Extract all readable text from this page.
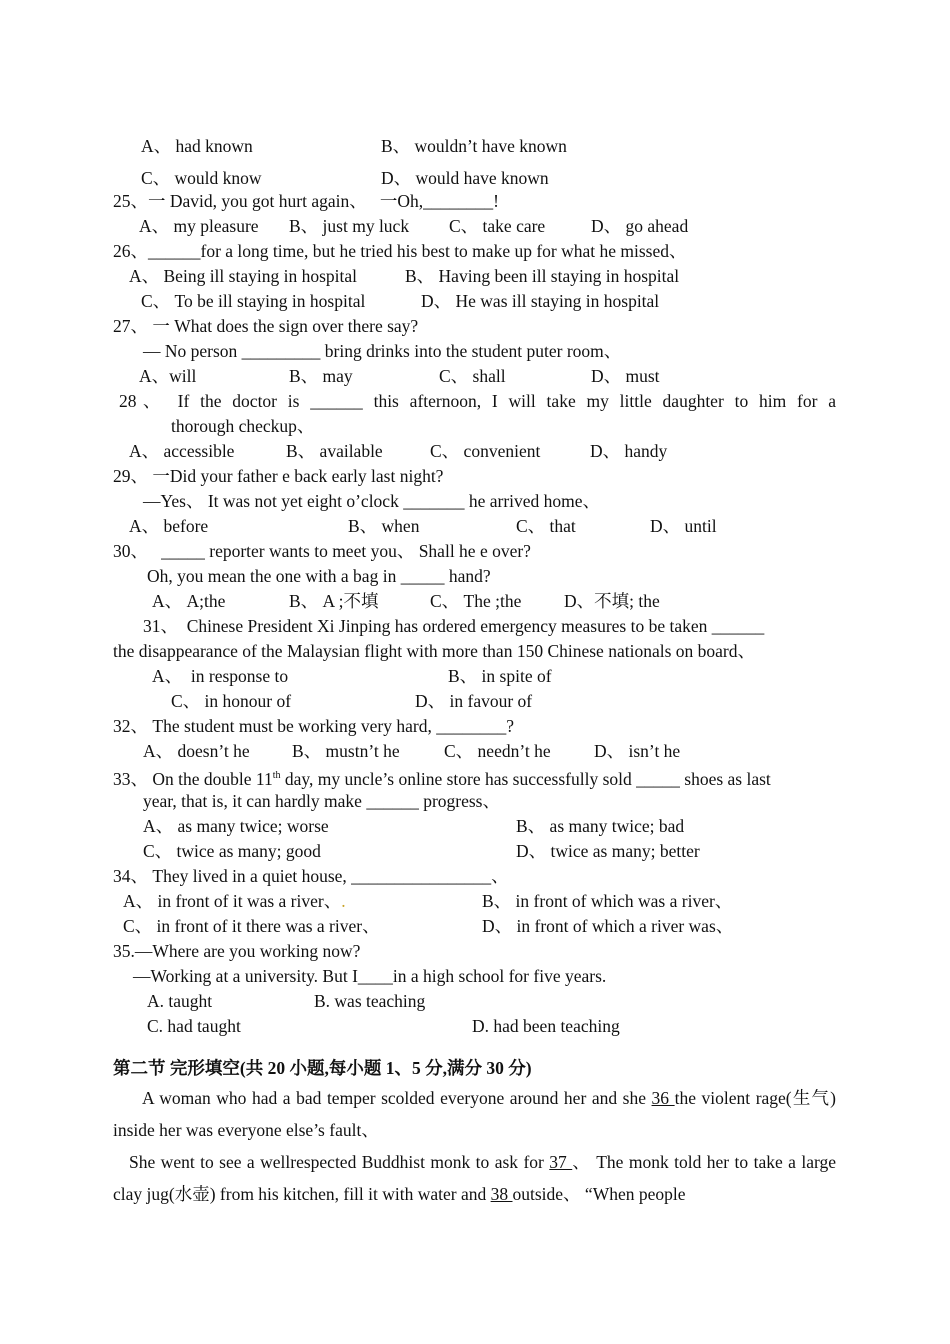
A、 had known	B、 wouldn’t have known
C、 would know	D、 would have known
25、一 David, you got hurt again、   一Oh,________!
A、 my pleasure B、 just my luck C、 take care	D、 go ahead
26、______for a long time, but he tried his best to make up for what he missed、
A、 Being ill staying in hospital	B、 Having been ill staying in hospital
C、 To be ill staying in hospital	D、 He was ill staying in hospital
27、 一 What does the sign over there say?
— No person _________ bring drinks into the student puter room、
A、will	B、 may	C、 shall	D、 must
28、 If the doctor is ______ this afternoon, I will take my little daughter to him for a
thorough checkup、
A、 accessible	B、 available	C、 convenient	D、 handy
29、 一Did your father e back early last night?
—Yes、 It was not yet eight o’clock _______ he arrived home、
A、 before	B、 when	C、 that	D、 until
30、   _____ reporter wants to meet you、 Shall he e over?
Oh, you mean the one with a bag in _____ hand?
A、 A;the	B、 A ;不填	C、 The ;the D、不填; the
31、  Chinese President Xi Jinping has ordered emergency measures to be taken ______
the disappearance of the Malaysian flight with more than 150 Chinese nationals on board、
A、  in response to	B、 in spite of
C、 in honour of	D、 in favour of
32、 The student must be working very hard, ________?
A、 doesn’t he B、 mustn’t he	C、 needn’t he D、 isn’t he
33、 On the double 11th day, my uncle’s online store has successfully sold _____ shoes as last
year, that is, it can hardly make ______ progress、
A、 as many twice; worse	B、 as many twice; bad
C、 twice as many; good	D、 twice as many; better
34、 They lived in a quiet house, ________________、
A、 in front of it was a river、.	B、 in front of which was a river、
C、 in front of it there was a river、	D、 in front of which a river was、
35.—Where are you working now?
—Working at a university. But I____in a high school for five years.
A. taught	B. was teaching
C. had taught	D. had been teaching
第二节 完形填空(共 20 小题,每小题 1、5 分,满分 30 分)
A woman who had a bad temper scolded everyone around her and she 36 the violent rage(生气) inside her was everyone else’s fault、
She went to see a wellrespected Buddhist monk to ask for 37 、 The monk told her to take a large clay jug(水壶) from his kitchen, fill it with water and 38 outside、 “When people
